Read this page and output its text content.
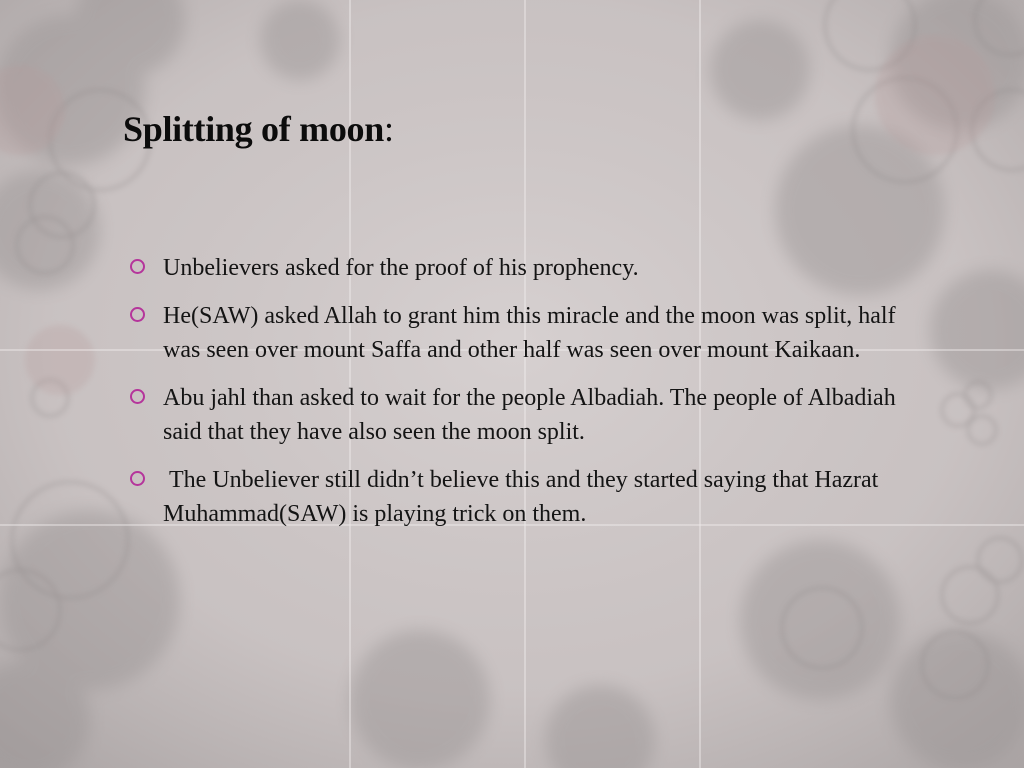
Splitting of moon:
Unbelievers asked for the proof of his prophency.
He(SAW) asked Allah to grant him this miracle and the moon was split, half was seen over mount Saffa and other half was seen over mount Kaikaan.
Abu jahl than asked to wait for the people Albadiah. The people of Albadiah said that they have also seen the moon split.
The Unbeliever still didn’t believe this and they started saying that Hazrat Muhammad(SAW) is playing trick on them.
